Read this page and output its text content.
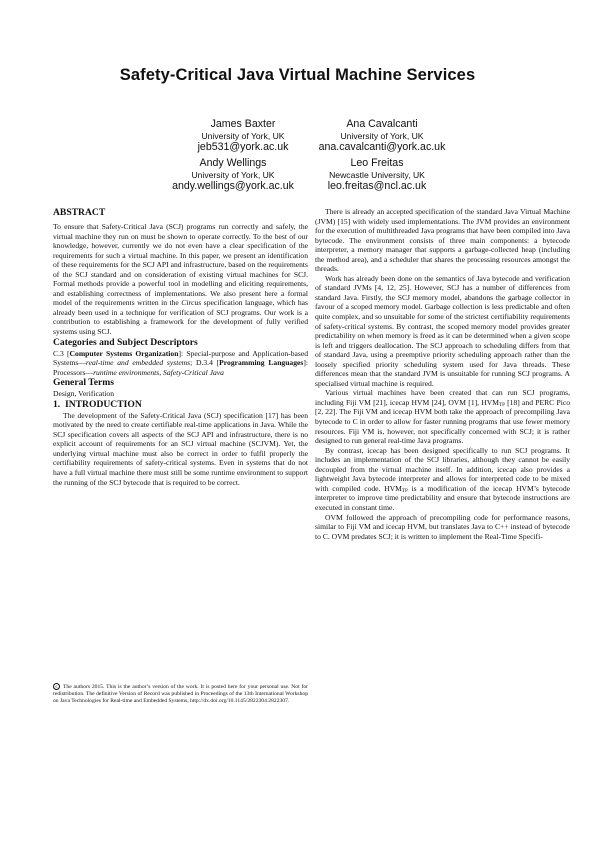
Safety-Critical Java Virtual Machine Services
James Baxter
University of York, UK
jeb531@york.ac.uk
Ana Cavalcanti
University of York, UK
ana.cavalcanti@york.ac.uk
Andy Wellings
University of York, UK
andy.wellings@york.ac.uk
Leo Freitas
Newcastle University, UK
leo.freitas@ncl.ac.uk

ABSTRACT

To ensure that Safety-Critical Java (SCJ) programs run correctly and safely, the virtual machine they run on must be shown to operate correctly. To the best of our knowledge, however, currently we do not even have a clear specification of the requirements for such a virtual machine. In this paper, we present an identification of these requirements for the SCJ API and infrastructure, based on the requirements of the SCJ standard and on consideration of existing virtual machines for SCJ. Formal methods provide a powerful tool in modelling and eliciting requirements, and establishing correctness of implementations. We also present here a formal model of the requirements written in the Circus specification language, which has already been used in a technique for verification of SCJ programs. Our work is a contribution to establishing a framework for the development of fully verified systems using SCJ.

Categories and Subject Descriptors

C.3 [Computer Systems Organization]: Special-purpose and Application-based Systems—real-time and embedded systems; D.3.4 [Programming Languages]: Processors—runtime environments, Safety-Critical Java

General Terms

Design, Verification

1.  INTRODUCTION

The development of the Safety-Critical Java (SCJ) specification [17] has been motivated by the need to create certifiable real-time applications in Java. While the SCJ specification covers all aspects of the SCJ API and infrastructure, there is no explicit account of requirements for an SCJ virtual machine (SCJVM). Yet, the underlying virtual machine must also be correct in order to fulfil properly the certifiability requirements of safety-critical systems. Even in systems that do not have a full virtual machine there must still be some runtime environment to support the running of the SCJ bytecode that is required to be correct.

c The authors 2015. This is the author’s version of the work. It is posted here for your personal use. Not for redistribution. The definitive Version of Record was published in Proceedings of the 13th International Workshop on Java Technologies for Real-time and Embedded Systems, http://dx.doi.org/10.1145/2822304.2822307.

There is already an accepted specification of the standard Java Virtual Machine (JVM) [15] with widely used implementations. The JVM provides an environment for the execution of multithreaded Java programs that have been compiled into Java bytecode. The environment consists of three main components: a bytecode interpreter, a memory manager that supports a garbage-collected heap (including the method area), and a scheduler that shares the processing resources amongst the threads.

Work has already been done on the semantics of Java bytecode and verification of standard JVMs [4, 12, 25]. However, SCJ has a number of differences from standard Java. Firstly, the SCJ memory model, abandons the garbage collector in favour of a scoped memory model. Garbage collection is less predictable and often quite complex, and so unsuitable for some of the strictest certifiability requirements of safety-critical systems. By contrast, the scoped memory model provides greater predictability on when memory is freed as it can be determined when a given scope is left and triggers deallocation. The SCJ approach to scheduling differs from that of standard Java, using a preemptive priority scheduling approach rather than the loosely specified priority scheduling system used for Java threads. These differences mean that the standard JVM is unsuitable for running SCJ programs. A specialised virtual machine is required.

Various virtual machines have been created that can run SCJ programs, including Fiji VM [21], icecap HVM [24], OVM [1], $HVM_{TP}$ [18] and PERC Pico [2, 22]. The Fiji VM and icecap HVM both take the approach of precompiling Java bytecode to C in order to allow for faster running programs that use fewer memory resources. Fiji VM is, however, not specifically concerned with SCJ; it is rather designed to run general real-time Java programs.

By contrast, icecap has been designed specifically to run SCJ programs. It includes an implementation of the SCJ libraries, although they cannot be easily decoupled from the virtual machine itself. In addition, icecap also provides a lightweight Java bytecode interpreter and allows for interpreted code to be mixed with compiled code. $HVM_{TP}$ is a modification of the icecap HVM’s bytecode interpreter to improve time predictability and ensure that bytecode instructions are executed in constant time.

OVM followed the approach of precompiling code for performance reasons, similar to Fiji VM and icecap HVM, but translates Java to C++ instead of bytecode to C. OVM predates SCJ; it is written to implement the Real-Time Specifi-
